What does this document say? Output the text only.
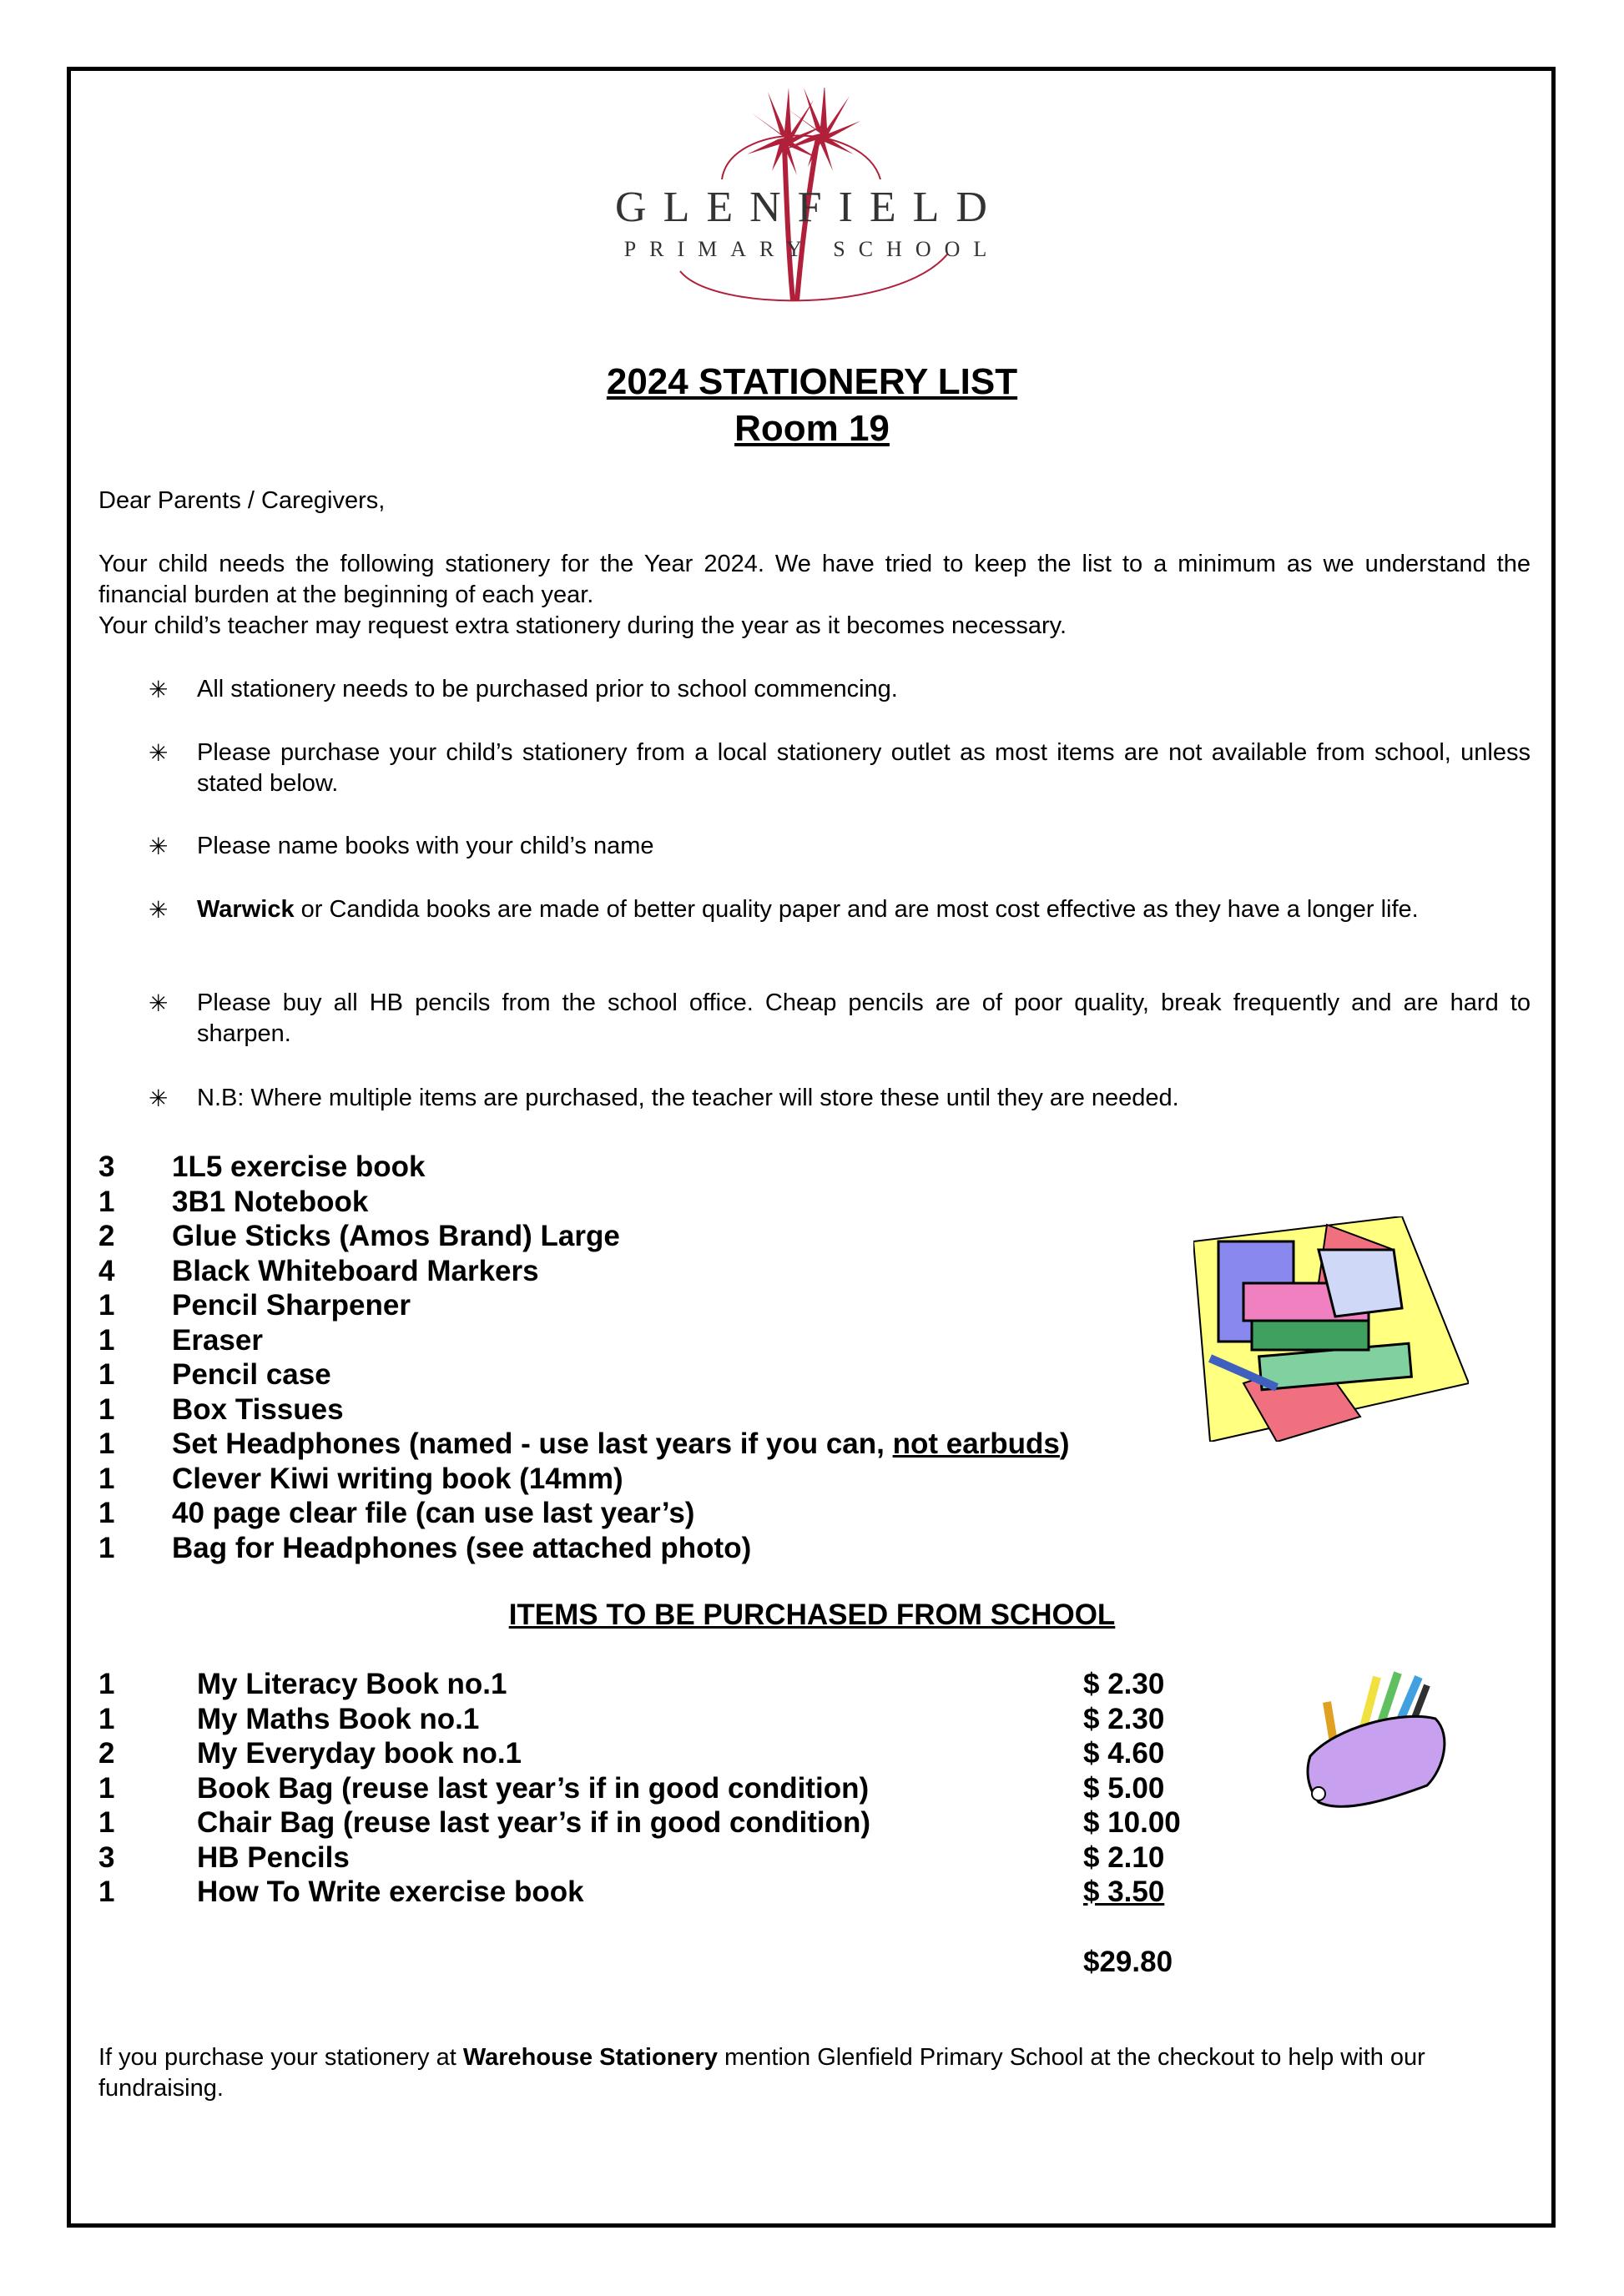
GLENFIELD
PRIMARY SCHOOL
2024 STATIONERY LIST
Room 19
Dear Parents / Caregivers,
Your child needs the following stationery for the Year 2024. We have tried to keep the list to a minimum as we understand the financial burden at the beginning of each year.
Your child’s teacher may request extra stationery during the year as it becomes necessary.
✳ All stationery needs to be purchased prior to school commencing.
✳ Please purchase your child’s stationery from a local stationery outlet as most items are not available from school, unless stated below.
✳ Please name books with your child’s name
✳ Warwick or Candida books are made of better quality paper and are most cost effective as they have a longer life.
✳ Please buy all HB pencils from the school office. Cheap pencils are of poor quality, break frequently and are hard to sharpen.
✳ N.B: Where multiple items are purchased, the teacher will store these until they are needed.
3	1L5 exercise book
1	3B1 Notebook
2	Glue Sticks (Amos Brand) Large
4	Black Whiteboard Markers
1	Pencil Sharpener
1	Eraser
1	Pencil case
1	Box Tissues
1	Set Headphones (named - use last years if you can, not earbuds)
1	Clever Kiwi writing book (14mm)
1	40 page clear file (can use last year’s)
1	Bag for Headphones (see attached photo)
ITEMS TO BE PURCHASED FROM SCHOOL
1	My Literacy Book no.1	$ 2.30
1	My Maths Book no.1	$ 2.30
2	My Everyday book no.1	$ 4.60
1	Book Bag (reuse last year’s if in good condition)	$ 5.00
1	Chair Bag (reuse last year’s if in good condition)	$ 10.00
3	HB Pencils	$ 2.10
1	How To Write exercise book	$ 3.50
$29.80
If you purchase your stationery at Warehouse Stationery mention Glenfield Primary School at the checkout to help with our fundraising.
